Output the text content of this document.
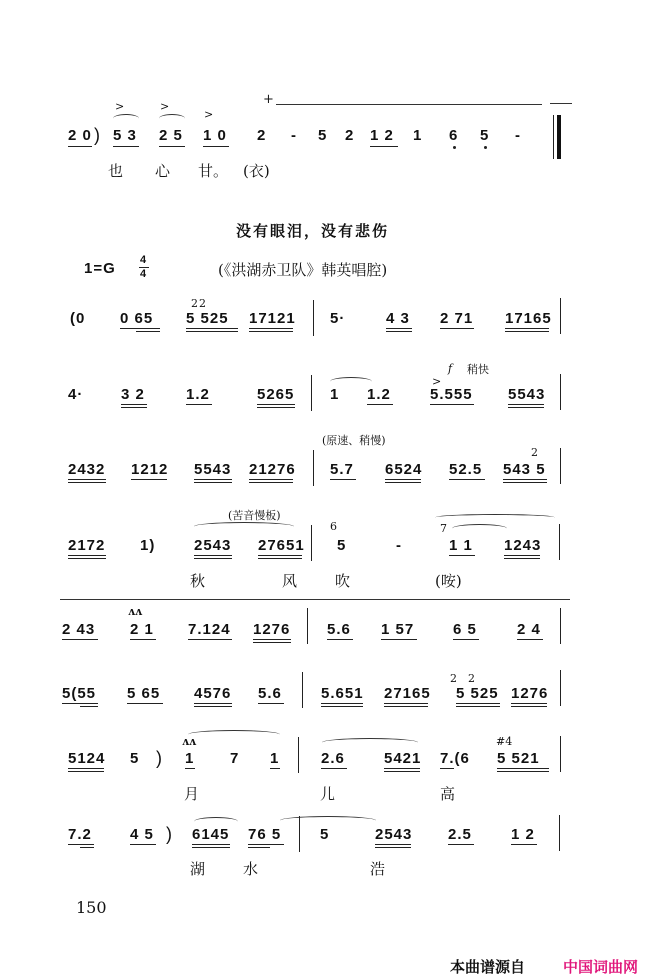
>	>
>
+
2 0 ) 5 3 2 5 1 0 2 - 5 2 1 2 1 6 5 -
也 心 甘。 (衣)
没有眼泪，没有悲伤
1=G 4
4	(《洪湖赤卫队》韩英唱腔)
2 2
(0 0 65 5 525 17121 5·	4 3 2 71 17165
f 稍快
4·	3 2	1.2	5265 1 1.2
>
5.555 5543
(原速、稍慢)
2
2432 1212 5543 21276 5.7 6524 52.5 543 5
(苦音慢板)
6	7
2172 1)	2543 27651 5	-	1 1 1243
秋	风	吹	(咹)
ʌʌ
2 43 2 1 7.124 1276 5.6 1 57	6 5	2 4
2 2
5(55 5 65 4576 5.6	5.651 27165 5 525 1276
ʌʌ	#4
5124 5 ) 1 7 1	2.6	5421 7.(6 5 521
月	儿	高
7.2	4 5 ) 6145 76 5	5	2543 2.5	1 2
湖	水	浩
150
本曲谱源自	中国词曲网
